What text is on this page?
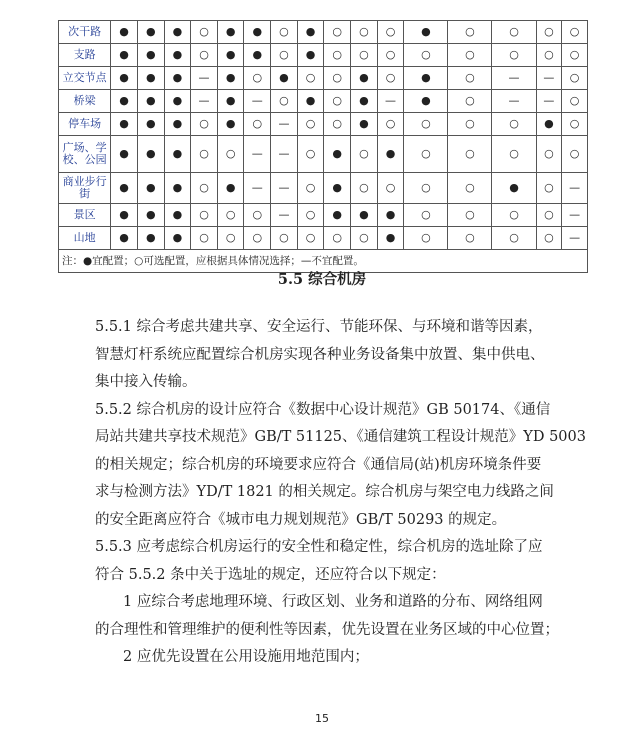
次干路	●	●	●	○	●	●	○	●	○	○	○	●	○	○	○	○
支路	●	●	●	○	●	●	○	●	○	○	○	○	○	○	○	○
立交节点	●	●	●	—	●	○	●	○	○	●	○	●	○	—	—	○
桥梁	●	●	●	—	●	—	○	●	○	●	—	●	○	—	—	○
停车场	●	●	●	○	●	○	—	○	○	●	○	○	○	○	●	○
广场、学校、公园	●	●	●	○	○	—	—	○	●	○	●	○	○	○	○	○
商业步行街	●	●	●	○	●	—	—	○	●	○	○	○	○	●	○	—
景区	●	●	●	○	○	○	—	○	●	●	●	○	○	○	○	—
山地	●	●	●	○	○	○	○	○	○	○	●	○	○	○	○	—
注：●宜配置；○可选配置，应根据具体情况选择；—不宜配置。																
5.5 综合机房
5.5.1 综合考虑共建共享、安全运行、节能环保、与环境和谐等因素，
智慧灯杆系统应配置综合机房实现各种业务设备集中放置、集中供电、
集中接入传输。
5.5.2 综合机房的设计应符合《数据中心设计规范》GB 50174、《通信
局站共建共享技术规范》GB/T 51125、《通信建筑工程设计规范》YD 5003
的相关规定；综合机房的环境要求应符合《通信局(站)机房环境条件要
求与检测方法》YD/T 1821 的相关规定。综合机房与架空电力线路之间
的安全距离应符合《城市电力规划规范》GB/T 50293 的规定。
5.5.3 应考虑综合机房运行的安全性和稳定性，综合机房的选址除了应
符合 5.5.2 条中关于选址的规定，还应符合以下规定：
1 应综合考虑地理环境、行政区划、业务和道路的分布、网络组网
的合理性和管理维护的便利性等因素，优先设置在业务区域的中心位置；
2 应优先设置在公用设施用地范围内；
15
